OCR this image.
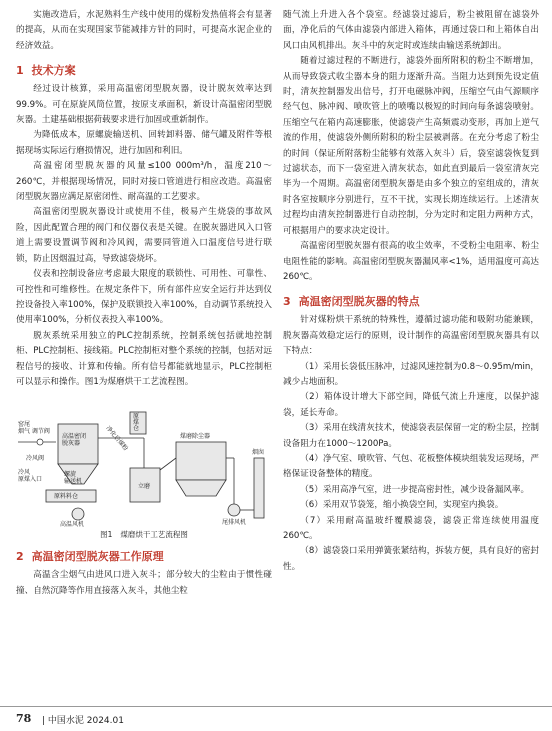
实施改造后，水泥熟料生产线中使用的煤粉发热值将会有显著的提高，从而在实现国家节能减排方针的同时，可提高水泥企业的经济效益。

1 技术方案

经过设计核算，采用高温密闭型脱灰器，设计脱灰效率达到99.9%。可在原旋风筒位置，按原支承面积，新设计高温密闭型脱灰器。土建基础根据荷载要求进行加固或重新制作。

为降低成本，原螺旋输送机、回转卸料器、储气罐及附件等根据现场实际运行磨损情况，进行加固和利旧。

高温密闭型脱灰器的风量≤100 000m³/h，温度210～260℃，并根据现场情况，同时对接口管道进行相应改造。高温密闭型脱灰器应满足原密闭性、耐高温的工艺要求。

高温密闭型脱灰器设计或使用不佳，极易产生烧袋的事故风险，因此配置合理的阀门和仪器仪表是关键。在脱灰器进风入口管道上需要设置调节阀和冷风阀，需要同管道入口温度信号进行联锁，防止因烟温过高，导致滤袋烧坏。

仪表和控制设备应考虑最大限度的联锁性、可用性、可靠性、可控性和可维修性。在规定条件下，所有部件应安全运行并达到仪控设备投入率100%，保护及联锁投入率100%，自动调节系统投入使用率100%，分析仪表投入率100%。

脱灰系统采用独立的PLC控制系统，控制系统包括就地控制柜、PLC控制柜、接线箱。PLC控制柜对整个系统的控制，包括对远程信号的接收、计算和传输。所有信号都能就地显示，PLC控制柜可以显示和操作。图1为煤磨烘干工艺流程图。

窑尾烟气 调节阀
冷风阀
冷风原煤入口
高温密闭脱灰器
螺旋输送机
原料料仓
高温风机
净化后煤粉
原煤仓
立磨
煤磨除尘器
尾排风机
烟囱
图1 煤磨烘干工艺流程图
2 高温密闭型脱灰器工作原理

高温含尘烟气由进风口进入灰斗；部分较大的尘粒由于惯性碰撞、自然沉降等作用直接落入灰斗，其他尘粒

随气流上升进入各个袋室。经滤袋过滤后，粉尘被阻留在滤袋外面，净化后的气体由滤袋内部进入箱体，再通过袋口和上箱体自出风口由风机排出。灰斗中的灰定时或连续由输送系统卸出。

随着过滤过程的不断进行，滤袋外面所附积的粉尘不断增加，从而导致袋式收尘器本身的阻力逐渐升高。当阻力达到预先设定值时，清灰控制器发出信号，打开电磁脉冲阀，压缩空气由气源顺序经气包、脉冲阀、喷吹管上的喷嘴以极短的时间向每条滤袋喷射。压缩空气在箱内高速膨胀，使滤袋产生高频震动变形，再加上逆气流的作用，使滤袋外侧所附积的粉尘层被剥落。在充分考虑了粉尘的时间（保证所附落粉尘能够有效落入灰斗）后，袋室滤袋恢复到过滤状态，而下一袋室进入清灰状态，如此直到最后一袋室清灰完毕为一个周期。高温密闭型脱灰器是由多个独立的室组成的，清灰时各室按顺序分别进行，互不干扰，实现长期连续运行。上述清灰过程均由清灰控制器进行自动控制，分为定时和定阻力两种方式，可根据用户的要求决定设计。

高温密闭型脱灰器有很高的收尘效率，不受粉尘电阻率、粉尘电阻性能的影响。高温密闭型脱灰器漏风率<1%，适用温度可高达260℃。

3 高温密闭型脱灰器的特点

针对煤粉烘干系统的特殊性，遵循过滤功能和吸附功能兼顾，脱灰器高效稳定运行的原则，设计制作的高温密闭型脱灰器具有以下特点：

（1）采用长袋低压脉冲，过滤风速控制为0.8～0.95m/min，减少占地面积。

（2）箱体设计增大下部空间，降低气流上升速度，以保护滤袋，延长寿命。

（3）采用在线清灰技术，使滤袋表层保留一定的粉尘层，控制设备阻力在1000～1200Pa。

（4）净气室、喷吹管、气包、花板整体模块组装发运现场，严格保证设备整体的精度。

（5）采用高净气室，进一步提高密封性，减少设备漏风率。

（6）采用双节袋笼，缩小换袋空间，实现室内换袋。

（7）采用耐高温玻纤覆膜滤袋，滤袋正常连续使用温度260℃。

（8）滤袋袋口采用弹簧张紧结构，拆装方便，具有良好的密封性。

78 | 中国水泥 2024.01
